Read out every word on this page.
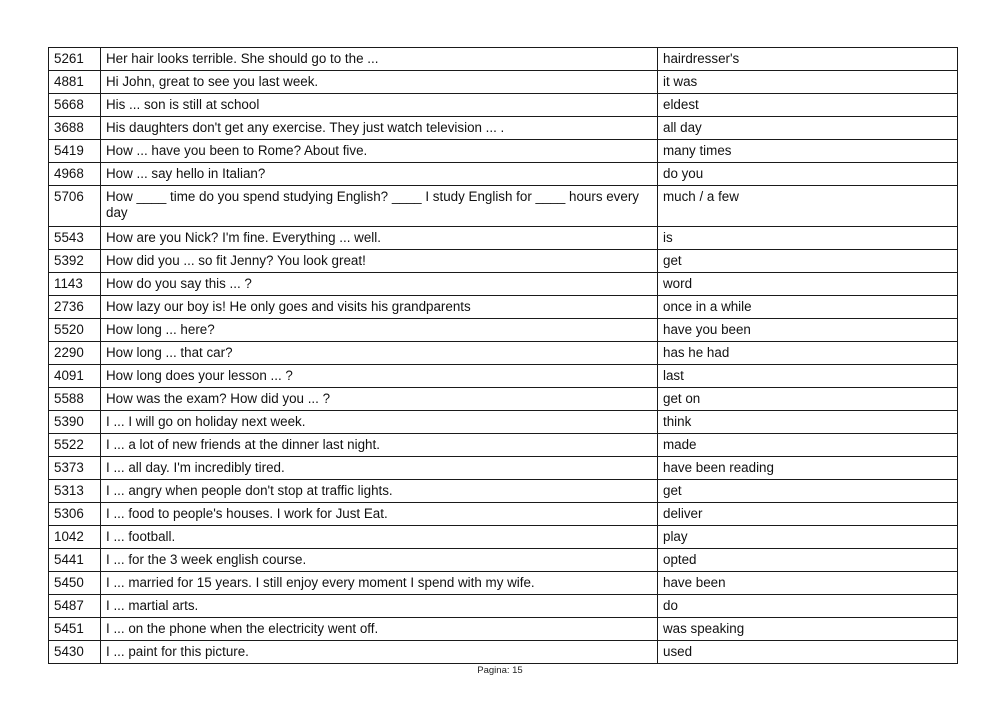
5261	Her hair looks terrible. She should go to the ...	hairdresser's
4881	Hi John, great to see you last week.	it was
5668	His ... son is still at school	eldest
3688	His daughters don't get any exercise. They just watch television ... .	all day
5419	How ... have you been to Rome? About five.	many times
4968	How ... say hello in Italian?	do you
5706	How ____ time do you spend studying English? ____ I study English for ____ hours every day	much / a few
5543	How are you Nick? I'm fine. Everything ... well.	is
5392	How did you ... so fit Jenny? You look great!	get
1143	How do you say this ... ?	word
2736	How lazy our boy is! He only goes and visits his grandparents	once in a while
5520	How long ... here?	have you been
2290	How long ... that car?	has he had
4091	How long does your lesson ... ?	last
5588	How was the exam? How did you ... ?	get on
5390	I ... I will go on holiday next week.	think
5522	I ... a lot of new friends at the dinner last night.	made
5373	I ... all day. I'm incredibly tired.	have been reading
5313	I ... angry when people don't stop at traffic lights.	get
5306	I ... food to people's houses. I work for Just Eat.	deliver
1042	I ... football.	play
5441	I ... for the 3 week english course.	opted
5450	I ... married for 15 years. I still enjoy every moment I spend with my wife.	have been
5487	I ... martial arts.	do
5451	I ... on the phone when the electricity went off.	was speaking
5430	I ... paint for this picture.	used
Pagina: 15
